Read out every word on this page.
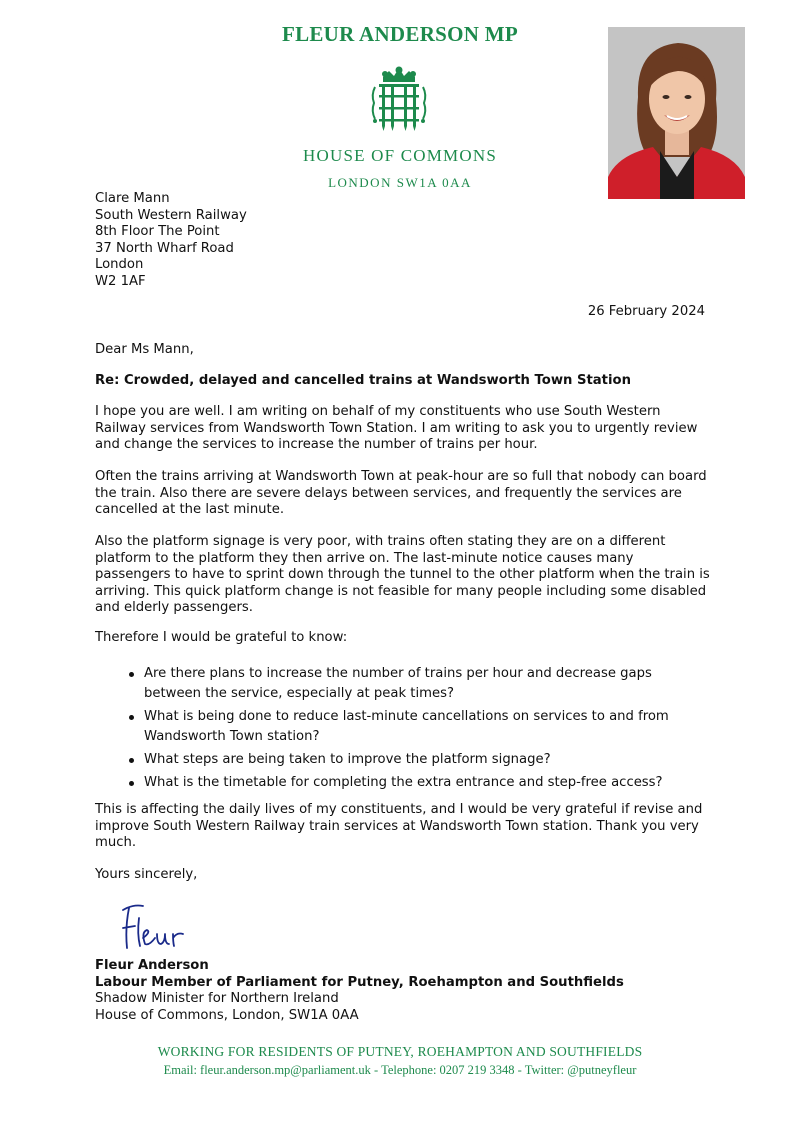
FLEUR ANDERSON MP
HOUSE OF COMMONS
LONDON SW1A 0AA
Clare Mann
South Western Railway
8th Floor The Point
37 North Wharf Road
London
W2 1AF
26 February 2024
Dear Ms Mann,
Re: Crowded, delayed and cancelled trains at Wandsworth Town Station
I hope you are well. I am writing on behalf of my constituents who use South Western Railway services from Wandsworth Town Station. I am writing to ask you to urgently review and change the services to increase the number of trains per hour.
Often the trains arriving at Wandsworth Town at peak-hour are so full that nobody can board the train. Also there are severe delays between services, and frequently the services are cancelled at the last minute.
Also the platform signage is very poor, with trains often stating they are on a different platform to the platform they then arrive on. The last-minute notice causes many passengers to have to sprint down through the tunnel to the other platform when the train is arriving. This quick platform change is not feasible for many people including some disabled and elderly passengers.
Therefore I would be grateful to know:
Are there plans to increase the number of trains per hour and decrease gaps between the service, especially at peak times?
What is being done to reduce last-minute cancellations on services to and from Wandsworth Town station?
What steps are being taken to improve the platform signage?
What is the timetable for completing the extra entrance and step-free access?
This is affecting the daily lives of my constituents, and I would be very grateful if revise and improve South Western Railway train services at Wandsworth Town station. Thank you very much.
Yours sincerely,
Fleur Anderson
Labour Member of Parliament for Putney, Roehampton and Southfields
Shadow Minister for Northern Ireland
House of Commons, London, SW1A 0AA
WORKING FOR RESIDENTS OF PUTNEY, ROEHAMPTON AND SOUTHFIELDS
Email: fleur.anderson.mp@parliament.uk - Telephone: 0207 219 3348 - Twitter: @putneyfleur
